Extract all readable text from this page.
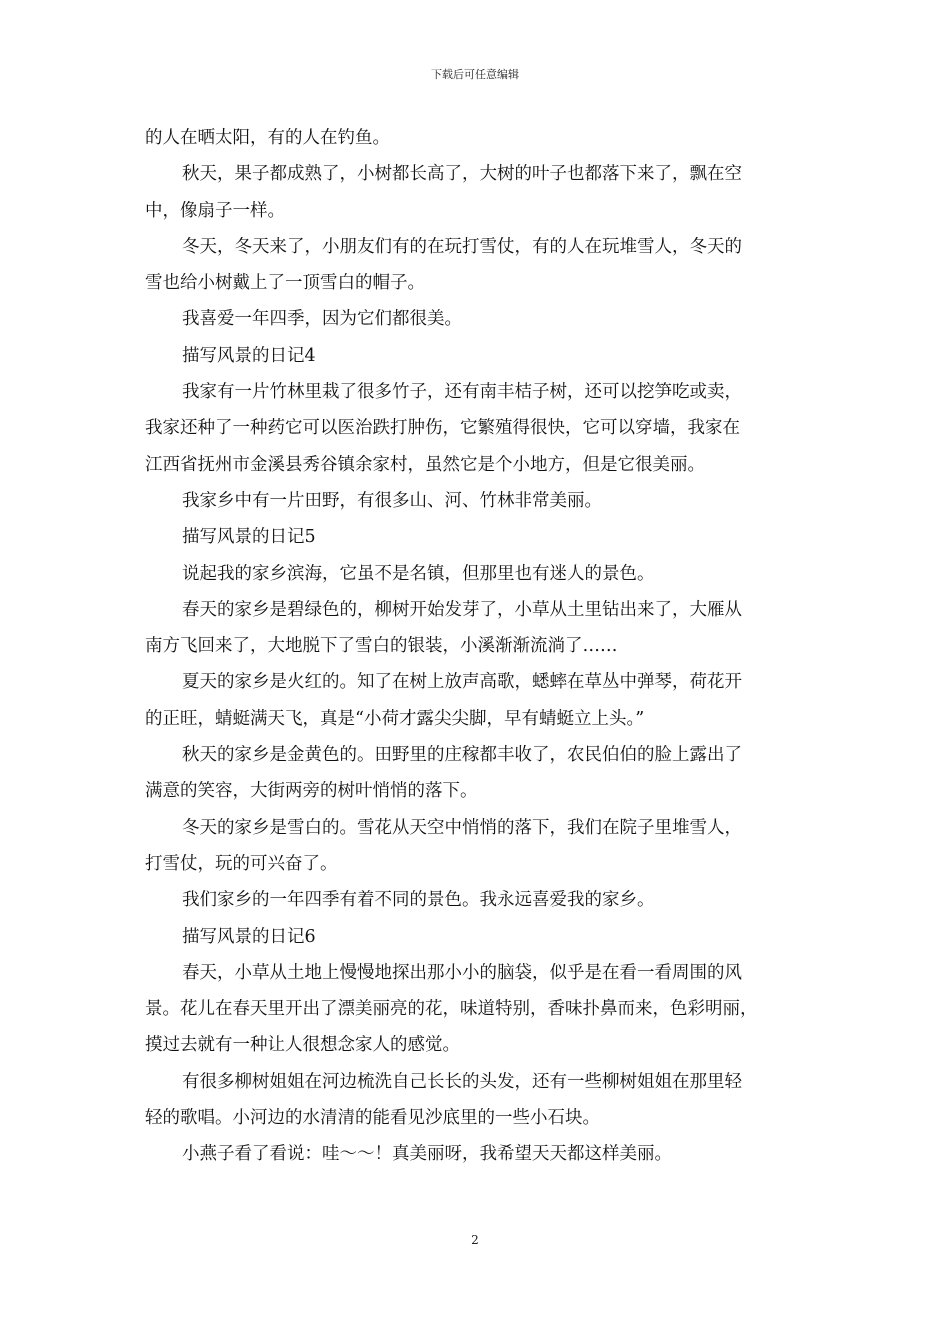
下载后可任意编辑
的人在晒太阳，有的人在钓鱼。
秋天，果子都成熟了，小树都长高了，大树的叶子也都落下来了，飘在空
中，像扇子一样。
冬天，冬天来了，小朋友们有的在玩打雪仗，有的人在玩堆雪人，冬天的
雪也给小树戴上了一顶雪白的帽子。
我喜爱一年四季，因为它们都很美。
描写风景的日记4
我家有一片竹林里栽了很多竹子，还有南丰桔子树，还可以挖笋吃或卖，
我家还种了一种药它可以医治跌打肿伤，它繁殖得很快，它可以穿墙，我家在
江西省抚州市金溪县秀谷镇余家村，虽然它是个小地方，但是它很美丽。
我家乡中有一片田野，有很多山、河、竹林非常美丽。
描写风景的日记5
说起我的家乡滨海，它虽不是名镇，但那里也有迷人的景色。
春天的家乡是碧绿色的，柳树开始发芽了，小草从土里钻出来了，大雁从
南方飞回来了，大地脱下了雪白的银装，小溪渐渐流淌了……
夏天的家乡是火红的。知了在树上放声高歌，蟋蟀在草丛中弹琴，荷花开
的正旺，蜻蜓满天飞，真是“小荷才露尖尖脚，早有蜻蜓立上头。”
秋天的家乡是金黄色的。田野里的庄稼都丰收了，农民伯伯的脸上露出了
满意的笑容，大街两旁的树叶悄悄的落下。
冬天的家乡是雪白的。雪花从天空中悄悄的落下，我们在院子里堆雪人，
打雪仗，玩的可兴奋了。
我们家乡的一年四季有着不同的景色。我永远喜爱我的家乡。
描写风景的日记6
春天，小草从土地上慢慢地探出那小小的脑袋，似乎是在看一看周围的风
景。花儿在春天里开出了漂美丽亮的花，味道特别，香味扑鼻而来，色彩明丽，
摸过去就有一种让人很想念家人的感觉。
有很多柳树姐姐在河边梳洗自己长长的头发，还有一些柳树姐姐在那里轻
轻的歌唱。小河边的水清清的能看见沙底里的一些小石块。
小燕子看了看说：哇～～！真美丽呀，我希望天天都这样美丽。
2
